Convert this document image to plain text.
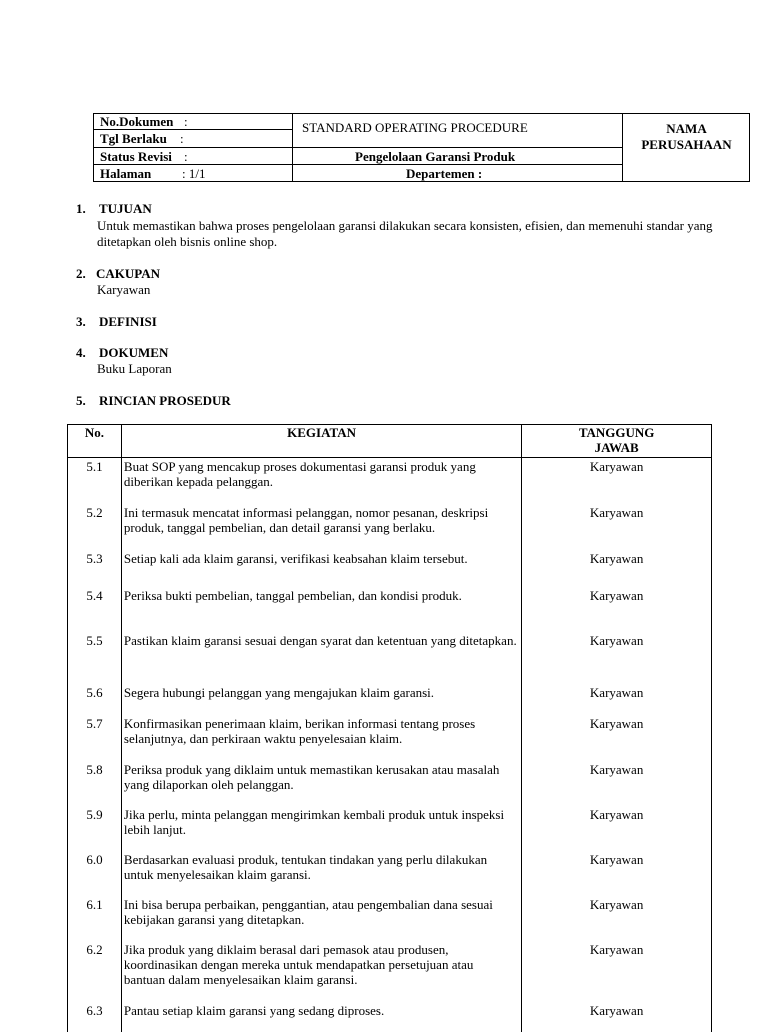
No.Dokumen :
Tgl Berlaku :
Status Revisi :
Halaman : 1/1
STANDARD OPERATING PROCEDURE
Pengelolaan Garansi Produk
Departemen :
NAMA
PERUSAHAAN
1. TUJUAN
Untuk memastikan bahwa proses pengelolaan garansi dilakukan secara konsisten, efisien, dan memenuhi standar yang ditetapkan oleh bisnis online shop.
2. CAKUPAN
Karyawan
3. DEFINISI
4. DOKUMEN
Buku Laporan
5. RINCIAN PROSEDUR
No.	KEGIATAN	TANGGUNG
JAWAB

5.1	Buat SOP yang mencakup proses dokumentasi garansi produk yang diberikan kepada pelanggan.	Karyawan
5.2	Ini termasuk mencatat informasi pelanggan, nomor pesanan, deskripsi produk, tanggal pembelian, dan detail garansi yang berlaku.	Karyawan
5.3	Setiap kali ada klaim garansi, verifikasi keabsahan klaim tersebut.	Karyawan
5.4	Periksa bukti pembelian, tanggal pembelian, dan kondisi produk.	Karyawan
5.5	Pastikan klaim garansi sesuai dengan syarat dan ketentuan yang ditetapkan.	Karyawan
5.6	Segera hubungi pelanggan yang mengajukan klaim garansi.	Karyawan
5.7	Konfirmasikan penerimaan klaim, berikan informasi tentang proses selanjutnya, dan perkiraan waktu penyelesaian klaim.	Karyawan
5.8	Periksa produk yang diklaim untuk memastikan kerusakan atau masalah yang dilaporkan oleh pelanggan.	Karyawan
5.9	Jika perlu, minta pelanggan mengirimkan kembali produk untuk inspeksi lebih lanjut.	Karyawan
6.0	Berdasarkan evaluasi produk, tentukan tindakan yang perlu dilakukan untuk menyelesaikan klaim garansi.	Karyawan
6.1	Ini bisa berupa perbaikan, penggantian, atau pengembalian dana sesuai kebijakan garansi yang ditetapkan.	Karyawan
6.2	Jika produk yang diklaim berasal dari pemasok atau produsen, koordinasikan dengan mereka untuk mendapatkan persetujuan atau bantuan dalam menyelesaikan klaim garansi.	Karyawan
6.3	Pantau setiap klaim garansi yang sedang diproses.	Karyawan
